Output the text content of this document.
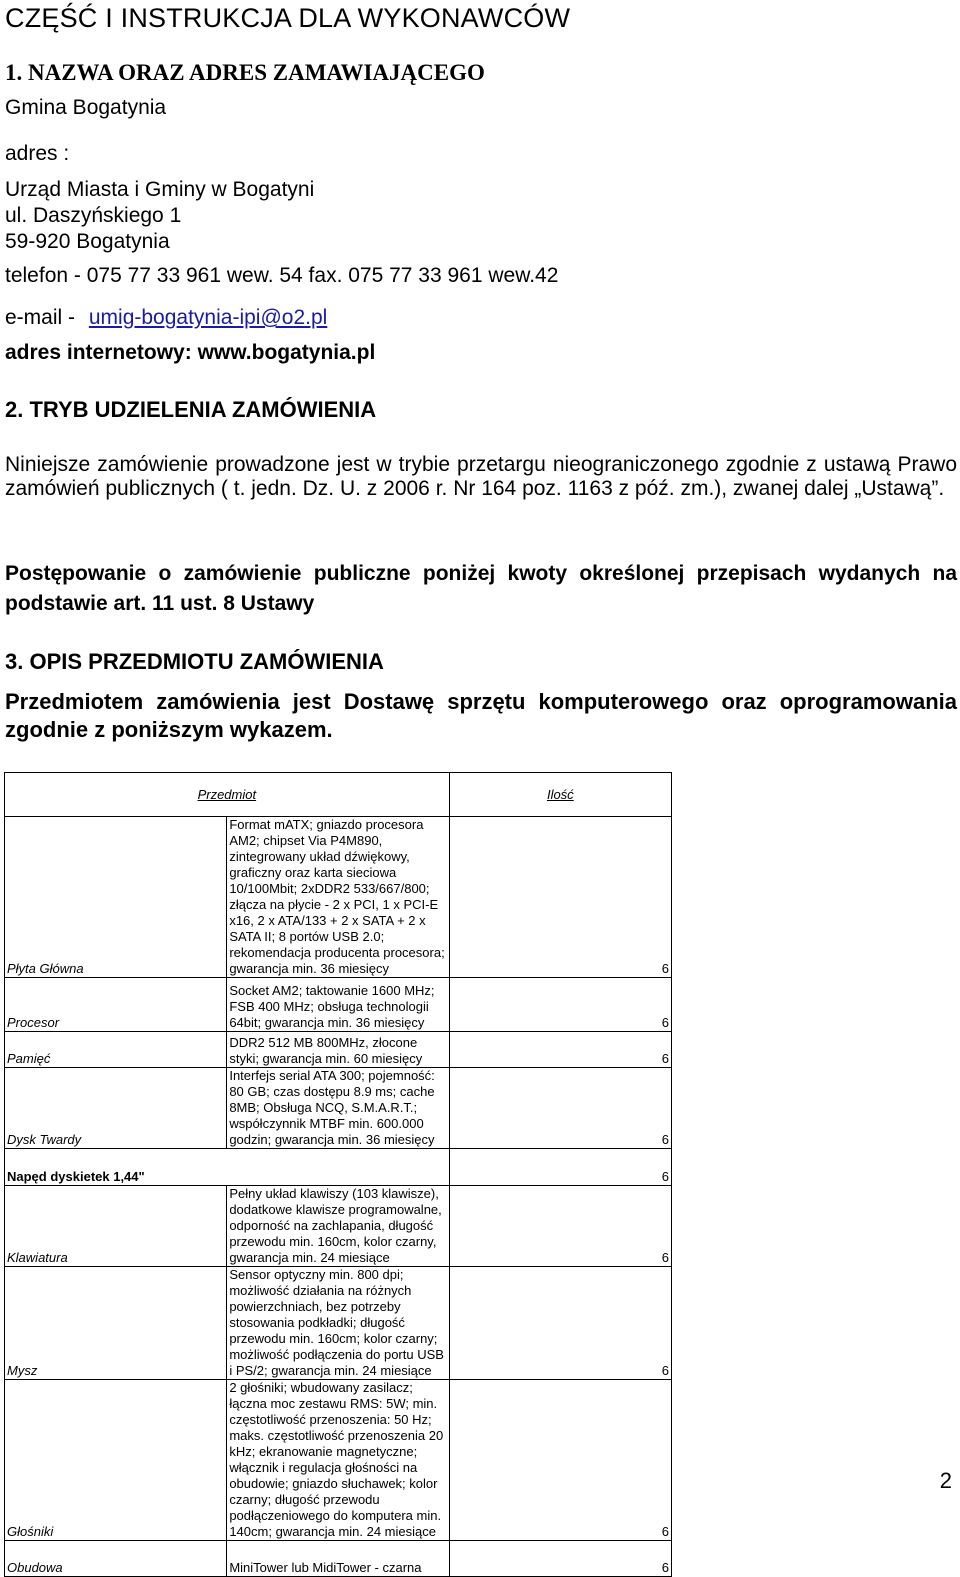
CZĘŚĆ I INSTRUKCJA DLA WYKONAWCÓW
1. NAZWA ORAZ ADRES ZAMAWIAJĄCEGO
Gmina Bogatynia
adres :
Urząd Miasta i Gminy w Bogatyni
ul. Daszyńskiego 1
59-920 Bogatynia
telefon - 075 77 33 961 wew. 54 fax. 075 77 33 961 wew.42
e-mail - umig-bogatynia-ipi@o2.pl
adres internetowy: www.bogatynia.pl
2. TRYB UDZIELENIA ZAMÓWIENIA
Niniejsze zamówienie prowadzone jest w trybie przetargu nieograniczonego zgodnie z ustawą Prawo zamówień publicznych ( t. jedn. Dz. U. z 2006 r. Nr 164 poz. 1163 z póź. zm.), zwanej dalej „Ustawą”.
Postępowanie o zamówienie publiczne poniżej kwoty określonej przepisach wydanych na podstawie art. 11 ust. 8 Ustawy
3. OPIS PRZEDMIOTU ZAMÓWIENIA
Przedmiotem zamówienia jest Dostawę sprzętu komputerowego oraz oprogramowania zgodnie z poniższym wykazem.
Przedmiot		Ilość
Płyta Główna	Format mATX; gniazdo procesora AM2; chipset Via P4M890, zintegrowany układ dźwiękowy, graficzny oraz karta sieciowa 10/100Mbit; 2xDDR2 533/667/800; złącza na płycie - 2 x PCI, 1 x PCI-E x16, 2 x ATA/133 + 2 x SATA + 2 x SATA II; 8 portów USB 2.0; rekomendacja producenta procesora; gwarancja min. 36 miesięcy	6
Procesor	Socket AM2; taktowanie 1600 MHz; FSB 400 MHz; obsługa technologii 64bit; gwarancja min. 36 miesięcy	6
Pamięć	DDR2 512 MB 800MHz, złocone styki; gwarancja min. 60 miesięcy	6
Dysk Twardy	Interfejs serial ATA 300; pojemność: 80 GB; czas dostępu 8.9 ms; cache 8MB; Obsługa NCQ, S.M.A.R.T.; współczynnik MTBF min. 600.000 godzin; gwarancja min. 36 miesięcy	6
Napęd dyskietek 1,44"		6
Klawiatura	Pełny układ klawiszy (103 klawisze), dodatkowe klawisze programowalne, odporność na zachlapania, długość przewodu min. 160cm, kolor czarny, gwarancja min. 24 miesiące	6
Mysz	Sensor optyczny min. 800 dpi; możliwość działania na różnych powierzchniach, bez potrzeby stosowania podkładki; długość przewodu min. 160cm; kolor czarny; możliwość podłączenia do portu USB i PS/2; gwarancja min. 24 miesiące	6
Głośniki	2 głośniki; wbudowany zasilacz; łączna moc zestawu RMS: 5W; min. częstotliwość przenoszenia: 50 Hz; maks. częstotliwość przenoszenia 20 kHz; ekranowanie magnetyczne; włącznik i regulacja głośności na obudowie; gniazdo słuchawek; kolor czarny; długość przewodu podłączeniowego do komputera min. 140cm; gwarancja min. 24 miesiące	6
Obudowa	MiniTower lub MidiTower - czarna	6
2
